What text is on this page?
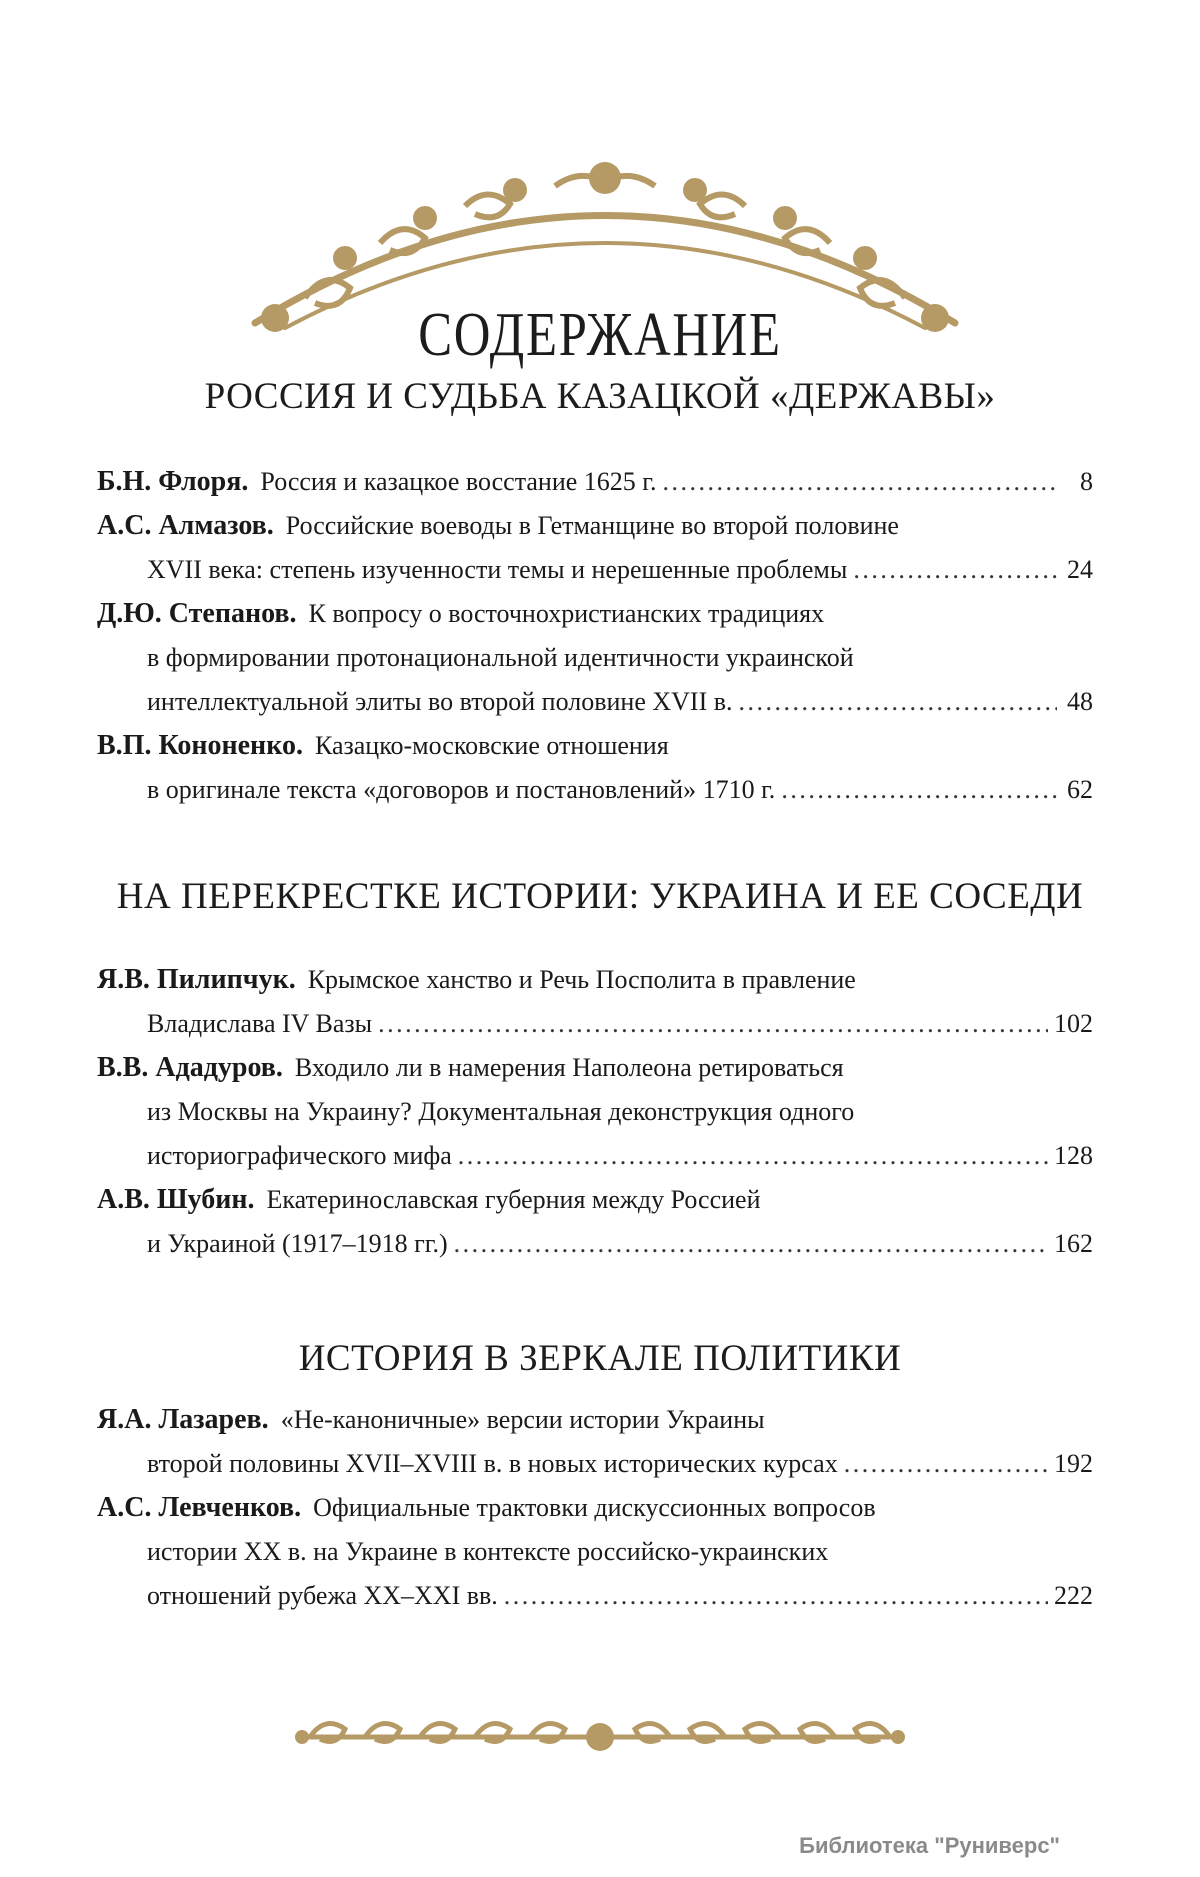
СОДЕРЖАНИЕ
РОССИЯ И СУДЬБА КАЗАЦКОЙ «ДЕРЖАВЫ»
Б.Н. Флоря. Россия и казацкое восстание 1625 г. . . .	8
А.С. Алмазов. Российские воеводы в Гетманщине во второй половине
XVII века: степень изученности темы и нерешенные проблемы . . .	24
Д.Ю. Степанов. К вопросу о восточнохристианских традициях
в формировании протонациональной идентичности украинской
интеллектуальной элиты во второй половине XVII в. . . .	48
В.П. Кононенко. Казацко-московские отношения
в оригинале текста «договоров и постановлений» 1710 г. . . .	62
НА ПЕРЕКРЕСТКЕ ИСТОРИИ: УКРАИНА И ЕЕ СОСЕДИ
Я.В. Пилипчук. Крымское ханство и Речь Посполита в правление
Владислава IV Вазы . . .	102
В.В. Ададуров. Входило ли в намерения Наполеона ретироваться
из Москвы на Украину? Документальная деконструкция одного
историографического мифа . . .	128
А.В. Шубин. Екатеринославская губерния между Россией
и Украиной (1917–1918 гг.) . . .	162
ИСТОРИЯ В ЗЕРКАЛЕ ПОЛИТИКИ
Я.А. Лазарев. «Не-каноничные» версии истории Украины
второй половины XVII–XVIII в. в новых исторических курсах . . .	192
А.С. Левченков. Официальные трактовки дискуссионных вопросов
истории XX в. на Украине в контексте российско-украинских
отношений рубежа XX–XXI вв. . . .	222
Библиотека "Руниверс"
